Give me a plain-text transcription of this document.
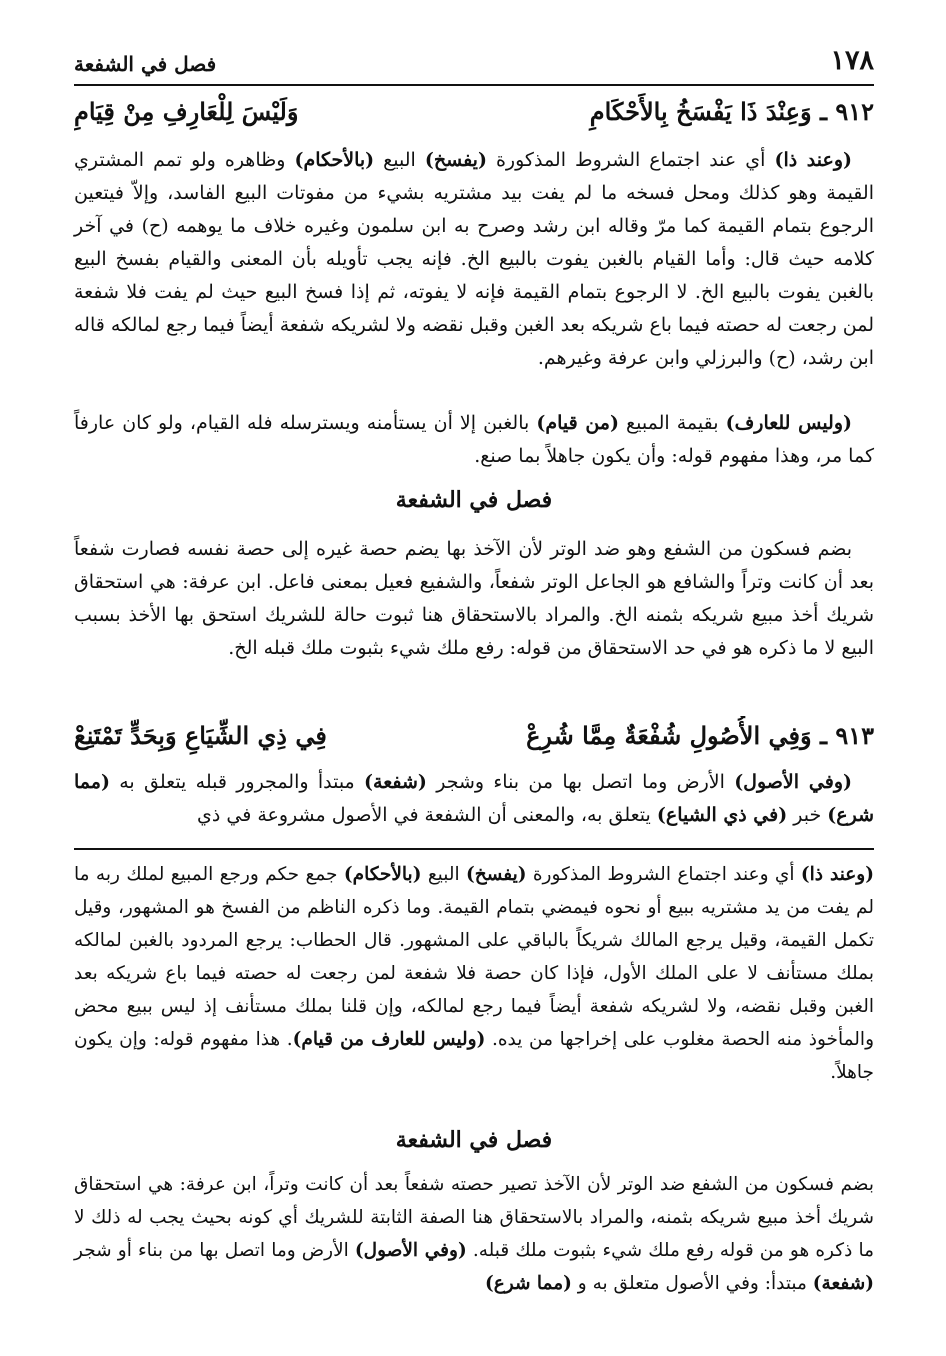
١٧٨
فصل في الشفعة
٩١٢ ـ وَعِنْدَ ذَا يَفْسَخُ بِالأَحْكَامِ
وَلَيْسَ لِلْعَارِفِ مِنْ قِيَامِ

(وعند ذا) أي عند اجتماع الشروط المذكورة (يفسخ) البيع (بالأحكام) وظاهره ولو تمم المشتري القيمة وهو كذلك ومحل فسخه ما لم يفت بيد مشتريه بشيء من مفوتات البيع الفاسد، وإلاّ فيتعين الرجوع بتمام القيمة كما مرّ وقاله ابن رشد وصرح به ابن سلمون وغيره خلاف ما يوهمه (ح) في آخر كلامه حيث قال: وأما القيام بالغبن يفوت بالبيع الخ. فإنه يجب تأويله بأن المعنى والقيام بفسخ البيع بالغبن يفوت بالبيع الخ. لا الرجوع بتمام القيمة فإنه لا يفوته، ثم إذا فسخ البيع حيث لم يفت فلا شفعة لمن رجعت له حصته فيما باع شريكه بعد الغبن وقبل نقضه ولا لشريكه شفعة أيضاً فيما رجع لمالكه قاله ابن رشد، (ح) والبرزلي وابن عرفة وغيرهم.

(وليس للعارف) بقيمة المبيع (من قيام) بالغبن إلا أن يستأمنه ويسترسله فله القيام، ولو كان عارفاً كما مر، وهذا مفهوم قوله: وأن يكون جاهلاً بما صنع.

فصل في الشفعة

بضم فسكون من الشفع وهو ضد الوتر لأن الآخذ بها يضم حصة غيره إلى حصة نفسه فصارت شفعاً بعد أن كانت وتراً والشافع هو الجاعل الوتر شفعاً، والشفيع فعيل بمعنى فاعل. ابن عرفة: هي استحقاق شريك أخذ مبيع شريكه بثمنه الخ. والمراد بالاستحقاق هنا ثبوت حالة للشريك استحق بها الأخذ بسبب البيع لا ما ذكره هو في حد الاستحقاق من قوله: رفع ملك شيء بثبوت ملك قبله الخ.

٩١٣ ـ وَفِي الأُصُولِ شُفْعَةٌ مِمَّا شُرِعْ
فِي ذِي الشِّيَاعِ وَبِحَدٍّ تَمْتَنِعْ

(وفي الأصول) الأرض وما اتصل بها من بناء وشجر (شفعة) مبتدأ والمجرور قبله يتعلق به (مما شرع) خبر (في ذي الشياع) يتعلق به، والمعنى أن الشفعة في الأصول مشروعة في ذي

(وعند ذا) أي وعند اجتماع الشروط المذكورة (يفسخ) البيع (بالأحكام) جمع حكم ورجع المبيع لملك ربه ما لم يفت من يد مشتريه ببيع أو نحوه فيمضي بتمام القيمة. وما ذكره الناظم من الفسخ هو المشهور، وقيل تكمل القيمة، وقيل يرجع المالك شريكاً بالباقي على المشهور. قال الحطاب: يرجع المردود بالغبن لمالكه بملك مستأنف لا على الملك الأول، فإذا كان حصة فلا شفعة لمن رجعت له حصته فيما باع شريكه بعد الغبن وقبل نقضه، ولا لشريكه شفعة أيضاً فيما رجع لمالكه، وإن قلنا بملك مستأنف إذ ليس ببيع محض والمأخوذ منه الحصة مغلوب على إخراجها من يده. (وليس للعارف من قيام). هذا مفهوم قوله: وإن يكون جاهلاً.

فصل في الشفعة

بضم فسكون من الشفع ضد الوتر لأن الآخذ تصير حصته شفعاً بعد أن كانت وتراً، ابن عرفة: هي استحقاق شريك أخذ مبيع شريكه بثمنه، والمراد بالاستحقاق هنا الصفة الثابتة للشريك أي كونه بحيث يجب له ذلك لا ما ذكره هو من قوله رفع ملك شيء بثبوت ملك قبله. (وفي الأصول) الأرض وما اتصل بها من بناء أو شجر (شفعة) مبتدأ: وفي الأصول متعلق به و (مما شرع)
